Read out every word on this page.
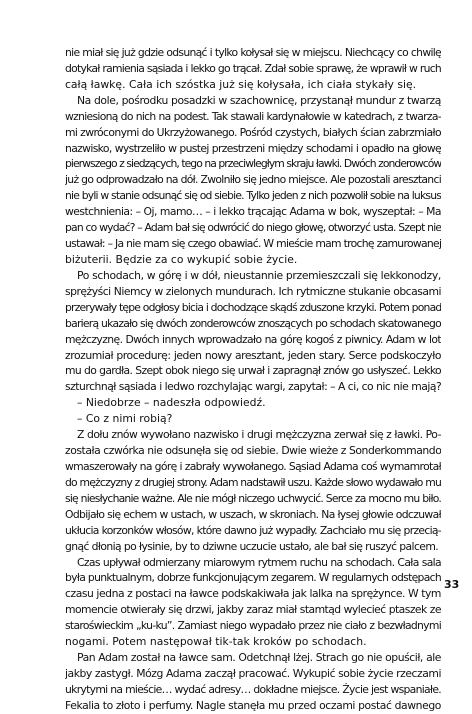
nie miał się już gdzie odsunąć i tylko kołysał się w miejscu. Niechcący co chwilę
dotykał ramienia sąsiada i lekko go trącał. Zdał sobie sprawę, że wprawił w ruch
całą ławkę. Cała ich szóstka już się kołysała, ich ciała stykały się.
Na dole, pośrodku posadzki w szachownicę, przystanął mundur z twarzą
wzniesioną do nich na podest. Tak stawali kardynałowie w katedrach, z twarza-
mi zwróconymi do Ukrzyżowanego. Pośród czystych, białych ścian zabrzmiało
nazwisko, wystrzeliło w pustej przestrzeni między schodami i opadło na głowę
pierwszego z siedzących, tego na przeciwległym skraju ławki. Dwóch zonderowców
już go odprowadzało na dół. Zwolniło się jedno miejsce. Ale pozostali aresztanci
nie byli w stanie odsunąć się od siebie. Tylko jeden z nich pozwolił sobie na luksus
westchnienia: – Oj, mamo… – i lekko trącając Adama w bok, wyszeptał: – Ma
pan co wydać? – Adam bał się odwrócić do niego głowę, otworzyć usta. Szept nie
ustawał: – Ja nie mam się czego obawiać. W mieście mam trochę zamurowanej
biżuterii. Będzie za co wykupić sobie życie.
Po schodach, w górę i w dół, nieustannie przemieszczali się lekkonodzy,
sprężyści Niemcy w zielonych mundurach. Ich rytmiczne stukanie obcasami
przerywały tępe odgłosy bicia i dochodzące skądś zduszone krzyki. Potem ponad
barierą ukazało się dwóch zonderowców znoszących po schodach skatowanego
mężczyznę. Dwóch innych wprowadzało na górę kogoś z piwnicy. Adam w lot
zrozumiał procedurę: jeden nowy aresztant, jeden stary. Serce podskoczyło
mu do gardła. Szept obok niego się urwał i zapragnął znów go usłyszeć. Lekko
szturchnął sąsiada i ledwo rozchylając wargi, zapytał: – A ci, co nic nie mają?
– Niedobrze – nadeszła odpowiedź.
– Co z nimi robią?
Z dołu znów wywołano nazwisko i drugi mężczyzna zerwał się z ławki. Po-
została czwórka nie odsunęła się od siebie. Dwie wieże z Sonderkommando
wmaszerowały na górę i zabrały wywołanego. Sąsiad Adama coś wymamrotał
do mężczyzny z drugiej strony. Adam nadstawił uszu. Każde słowo wydawało mu
się niesłychanie ważne. Ale nie mógł niczego uchwycić. Serce za mocno mu biło.
Odbijało się echem w ustach, w uszach, w skroniach. Na łysej głowie odczuwał
ukłucia korzonków włosów, które dawno już wypadły. Zachciało mu się przecią-
gnąć dłonią po łysinie, by to dziwne uczucie ustało, ale bał się ruszyć palcem.
Czas upływał odmierzany miarowym rytmem ruchu na schodach. Cała sala
była punktualnym, dobrze funkcjonującym zegarem. W regularnych odstępach
czasu jedna z postaci na ławce podskakiwała jak lalka na sprężynce. W tym
momencie otwierały się drzwi, jakby zaraz miał stamtąd wylecieć ptaszek ze
staroświeckim „ku-ku”. Zamiast niego wypadało przez nie ciało z bezwładnymi
nogami. Potem następował tik-tak kroków po schodach.
Pan Adam został na ławce sam. Odetchnął lżej. Strach go nie opuścił, ale
jakby zastygł. Mózg Adama zaczął pracować. Wykupić sobie życie rzeczami
ukrytymi na mieście… wydać adresy… dokładne miejsce. Życie jest wspaniałe.
Fekalia to złoto i perfumy. Nagle stanęła mu przed oczami postać dawnego
33
